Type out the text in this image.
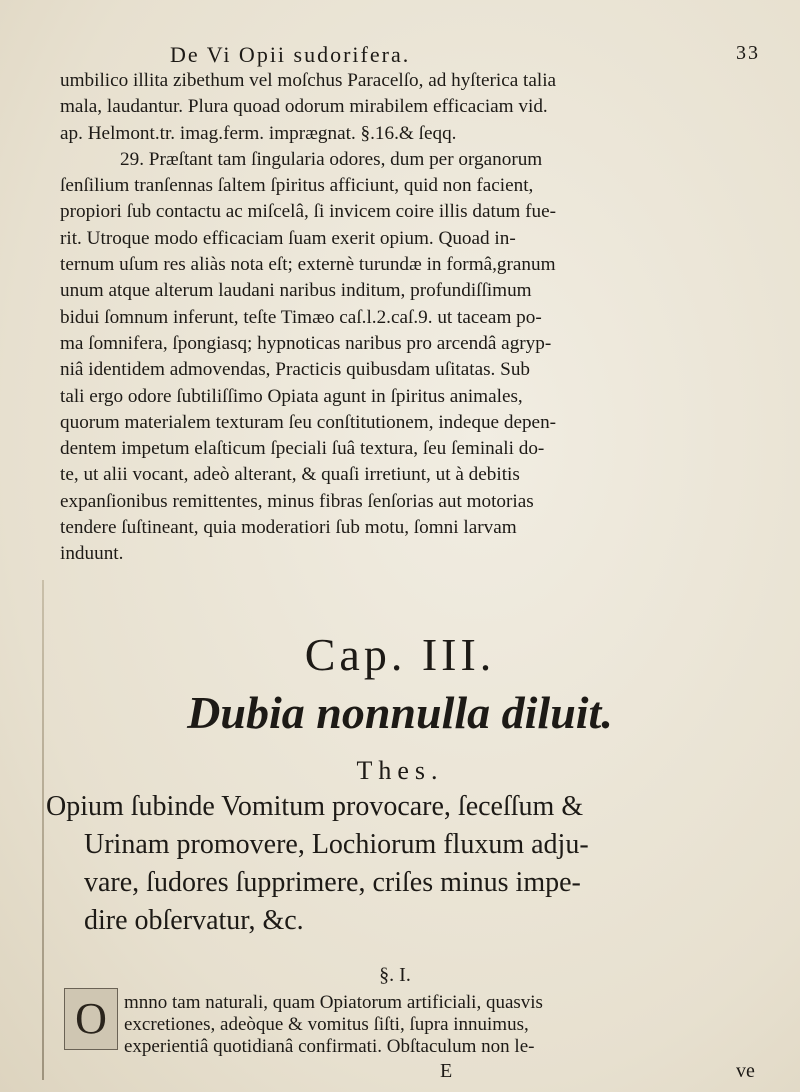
De Vi Opii sudorifera.	33

umbilico illita zibethum vel moſchus Paracelſo, ad hyſterica talia

mala, laudantur. Plura quoad odorum mirabilem efficaciam vid.

ap. Helmont.tr. imag.ferm. imprægnat. §.16.& ſeqq.

29. Præſtant tam ſingularia odores, dum per organorum

ſenſilium tranſennas ſaltem ſpiritus afficiunt, quid non facient,

propiori ſub contactu ac miſcelâ, ſi invicem coire illis datum fue-

rit. Utroque modo efficaciam ſuam exerit opium. Quoad in-

ternum uſum res aliàs nota eſt; externè turundæ in formâ,granum

unum atque alterum laudani naribus inditum, profundiſſimum

bidui ſomnum inferunt, teſte Timæo caſ.l.2.caſ.9. ut taceam po-

ma ſomnifera, ſpongiasq; hypnoticas naribus pro arcendâ agryp-

niâ identidem admovendas, Practicis quibusdam uſitatas. Sub

tali ergo odore ſubtiliſſimo Opiata agunt in ſpiritus animales,

quorum materialem texturam ſeu conſtitutionem, indeque depen-

dentem impetum elaſticum ſpeciali ſuâ textura, ſeu ſeminali do-

te, ut alii vocant, adeò alterant, & quaſi irretiunt, ut à debitis

expanſionibus remittentes, minus fibras ſenſorias aut motorias

tendere ſuſtineant, quia moderatiori ſub motu, ſomni larvam

induunt.

Cap. III.
Dubia nonnulla diluit.
Thes.
Opium ſubinde Vomitum provocare, ſeceſſum &
Urinam promovere, Lochiorum fluxum adju-
vare, ſudores ſupprimere, criſes minus impe-
dire obſervatur, &c.
§. I.
O mnno tam naturali, quam Opiatorum artificiali, quasvis
excretiones, adeòque & vomitus ſiſti, ſupra innuimus,
experientiâ quotidianâ confirmati. Obſtaculum non le-
E	ve
